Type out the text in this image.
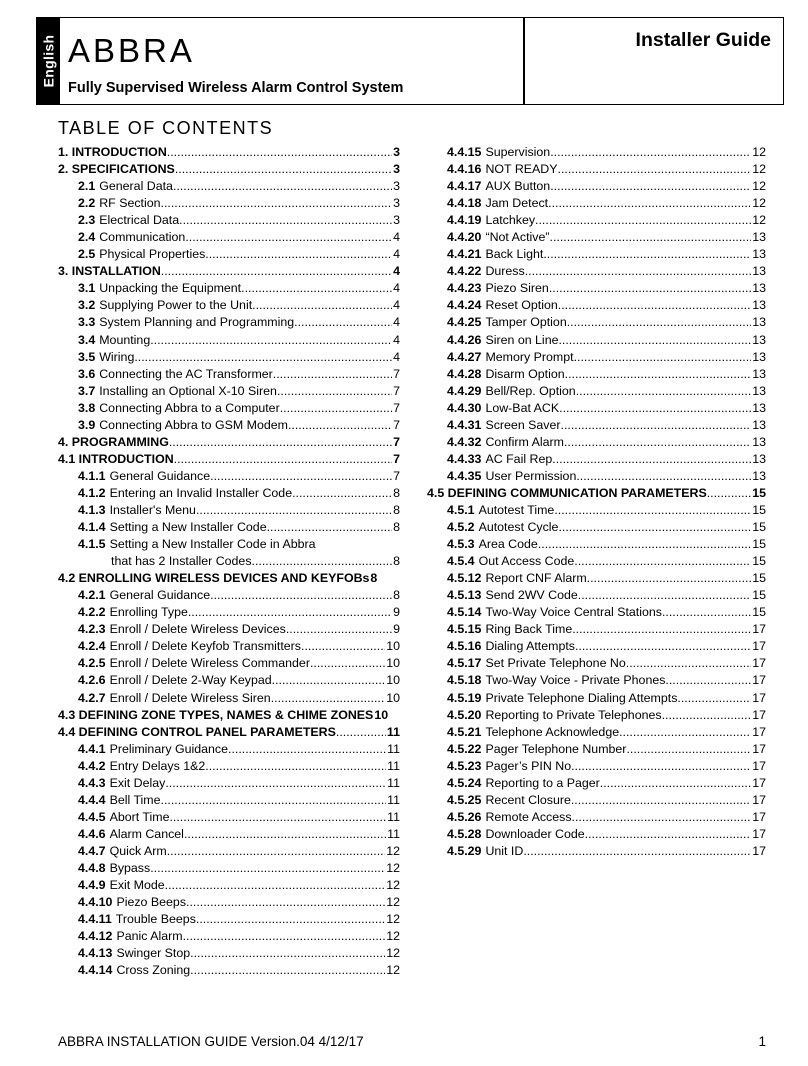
English ABBRA
Fully Supervised Wireless Alarm Control System
Installer Guide
TABLE OF CONTENTS
1. INTRODUCTION .....	3
2. SPECIFICATIONS .....	3
2.1 General Data .....	3
2.2 RF Section .....	3
2.3 Electrical Data .....	3
2.4 Communication .....	4
2.5 Physical Properties .....	4
3. INSTALLATION .....	4
3.1 Unpacking the Equipment .....	4
3.2 Supplying Power to the Unit .....	4
3.3 System Planning and Programming .....	4
3.4 Mounting .....	4
3.5 Wiring .....	4
3.6 Connecting the AC Transformer .....	7
3.7 Installing an Optional X-10 Siren .....	7
3.8 Connecting Abbra to a Computer .....	7
3.9 Connecting Abbra to GSM Modem .....	7
4. PROGRAMMING .....	7
4.1 INTRODUCTION .....	7
4.1.1 General Guidance .....	7
4.1.2 Entering an Invalid Installer Code .....	8
4.1.3 Installer's Menu .....	8
4.1.4 Setting a New Installer Code .....	8
4.1.5 Setting a New Installer Code in Abbra
that has 2 Installer Codes .....	8
4.2 ENROLLING WIRELESS DEVICES AND KEYFOBs 8
4.2.1 General Guidance .....	8
4.2.2 Enrolling Type .....	9
4.2.3 Enroll / Delete Wireless Devices .....	9
4.2.4 Enroll / Delete Keyfob Transmitters .....	10
4.2.5 Enroll / Delete Wireless Commander .....	10
4.2.6 Enroll / Delete 2-Way Keypad .....	10
4.2.7 Enroll / Delete Wireless Siren .....	10
4.3 DEFINING ZONE TYPES, NAMES & CHIME ZONES 10
4.4 DEFINING CONTROL PANEL PARAMETERS .....	11
4.4.1 Preliminary Guidance .....	11
4.4.2 Entry Delays 1&2 .....	11
4.4.3 Exit Delay .....	11
4.4.4 Bell Time .....	11
4.4.5 Abort Time .....	11
4.4.6 Alarm Cancel .....	11
4.4.7 Quick Arm .....	12
4.4.8 Bypass .....	12
4.4.9 Exit Mode .....	12
4.4.10 Piezo Beeps .....	12
4.4.11 Trouble Beeps .....	12
4.4.12 Panic Alarm .....	12
4.4.13 Swinger Stop .....	12
4.4.14 Cross Zoning .....	12
4.4.15 Supervision .....	12
4.4.16 NOT READY .....	12
4.4.17 AUX Button .....	12
4.4.18 Jam Detect .....	12
4.4.19 Latchkey .....	12
4.4.20 “Not Active” .....	13
4.4.21 Back Light .....	13
4.4.22 Duress .....	13
4.4.23 Piezo Siren .....	13
4.4.24 Reset Option .....	13
4.4.25 Tamper Option .....	13
4.4.26 Siren on Line .....	13
4.4.27 Memory Prompt .....	13
4.4.28 Disarm Option .....	13
4.4.29 Bell/Rep. Option .....	13
4.4.30 Low-Bat ACK .....	13
4.4.31 Screen Saver .....	13
4.4.32 Confirm Alarm .....	13
4.4.33 AC Fail Rep .....	13
4.4.35 User Permission .....	13
4.5 DEFINING COMMUNICATION PARAMETERS .....	15
4.5.1 Autotest Time .....	15
4.5.2 Autotest Cycle .....	15
4.5.3 Area Code .....	15
4.5.4 Out Access Code .....	15
4.5.12 Report CNF Alarm .....	15
4.5.13 Send 2WV Code .....	15
4.5.14 Two-Way Voice Central Stations .....	15
4.5.15 Ring Back Time .....	17
4.5.16 Dialing Attempts .....	17
4.5.17 Set Private Telephone No. .....	17
4.5.18 Two-Way Voice - Private Phones .....	17
4.5.19 Private Telephone Dialing Attempts .....	17
4.5.20 Reporting to Private Telephones .....	17
4.5.21 Telephone Acknowledge .....	17
4.5.22 Pager Telephone Number .....	17
4.5.23 Pager’s PIN No .....	17
4.5.24 Reporting to a Pager .....	17
4.5.25 Recent Closure .....	17
4.5.26 Remote Access .....	17
4.5.28 Downloader Code .....	17
4.5.29 Unit ID .....	17
ABBRA INSTALLATION GUIDE Version.04 4/12/17	1
